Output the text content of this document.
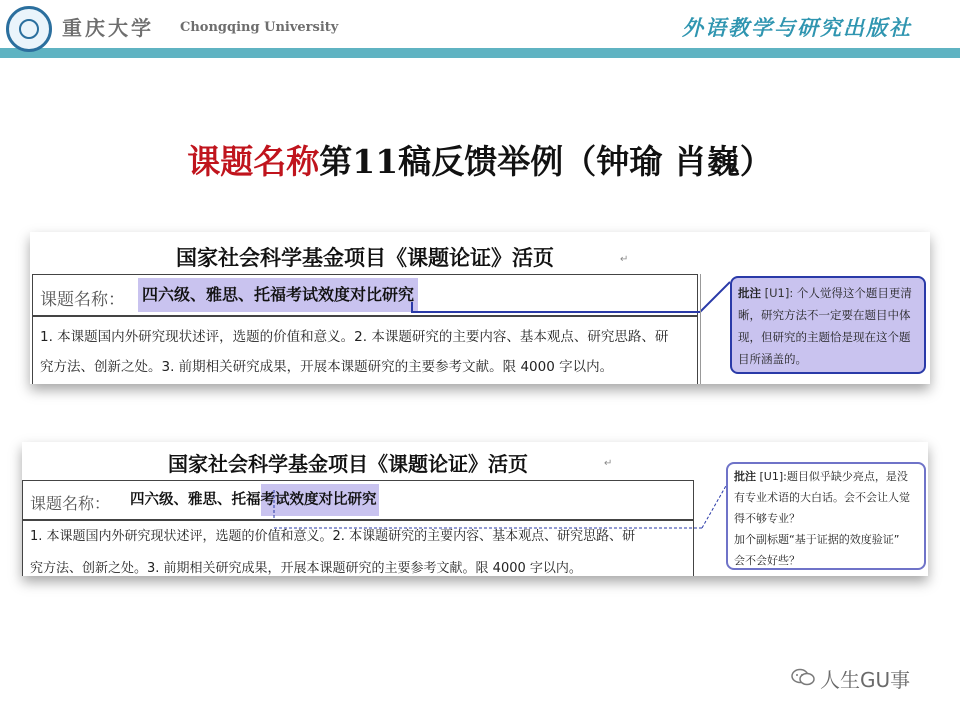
重庆大学 Chongqing University	外语教学与研究出版社
课题名称第11稿反馈举例（钟瑜 肖巍）
国家社会科学基金项目《课题论证》活页	↵
课题名称： 四六级、雅思、托福考试效度对比研究
1. 本课题国内外研究现状述评，选题的价值和意义。2. 本课题研究的主要内容、基本观点、研究思路、研
究方法、创新之处。3. 前期相关研究成果，开展本课题研究的主要参考文献。限 4000 字以内。
批注 [U1]: 个人觉得这个题目更清晰，研究方法不一定要在题目中体现，但研究的主题恰是现在这个题目所涵盖的。
国家社会科学基金项目《课题论证》活页	↵
课题名称： 四六级、雅思、托福考试效度对比研究
1. 本课题国内外研究现状述评，选题的价值和意义。2. 本课题研究的主要内容、基本观点、研究思路、研
究方法、创新之处。3. 前期相关研究成果，开展本课题研究的主要参考文献。限 4000 字以内。
批注 [U1]:题目似乎缺少亮点，是没
有专业术语的大白话。会不会让人觉
得不够专业？
加个副标题“基于证据的效度验证”
会不会好些？
人生GU事
